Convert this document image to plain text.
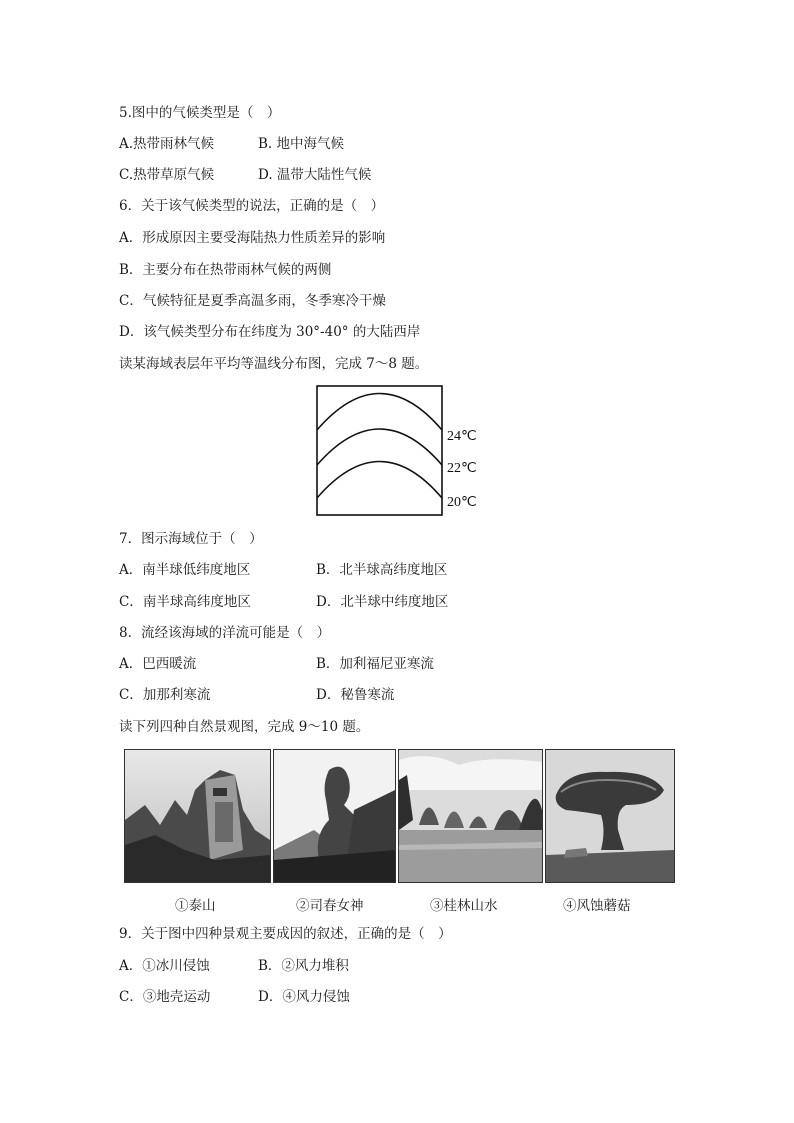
5.图中的气候类型是（　）
A.热带雨林气候	B. 地中海气候
C.热带草原气候	D. 温带大陆性气候
6．关于该气候类型的说法，正确的是（　）
A．形成原因主要受海陆热力性质差异的影响
B．主要分布在热带雨林气候的两侧
C．气候特征是夏季高温多雨，冬季寒冷干燥
D．该气候类型分布在纬度为 30°-40° 的大陆西岸
读某海域表层年平均等温线分布图，完成 7～8 题。
24℃
22℃
20℃
7．图示海域位于（　）
A．南半球低纬度地区	B．北半球高纬度地区
C．南半球高纬度地区	D．北半球中纬度地区
8．流经该海域的洋流可能是（　）
A．巴西暖流	B．加利福尼亚寒流
C．加那利寒流	D．秘鲁寒流
读下列四种自然景观图，完成 9～10 题。
①泰山	②司春女神	③桂林山水	④风蚀蘑菇
9．关于图中四种景观主要成因的叙述，正确的是（　）
A．①冰川侵蚀	B．②风力堆积
C．③地壳运动	D．④风力侵蚀
